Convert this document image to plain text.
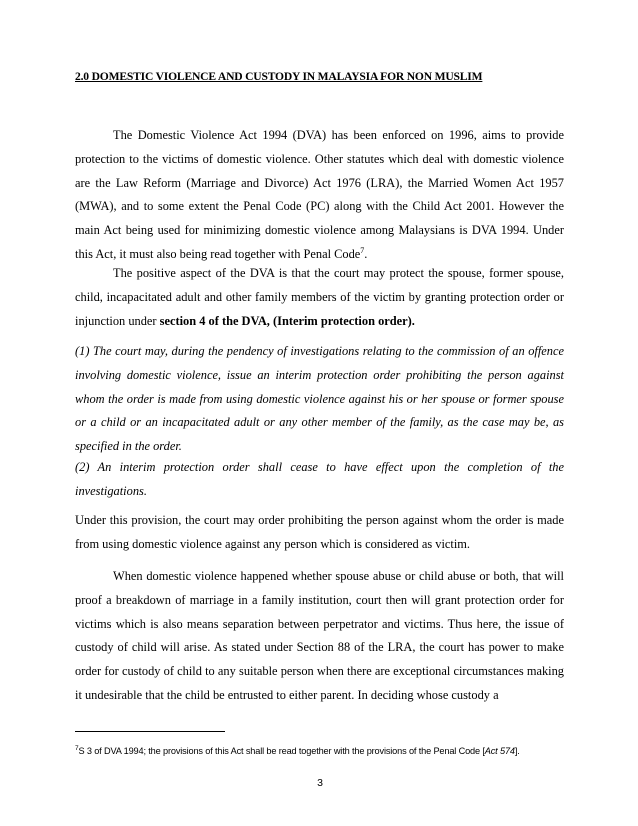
2.0 DOMESTIC VIOLENCE AND CUSTODY IN MALAYSIA FOR NON MUSLIM
The Domestic Violence Act 1994 (DVA) has been enforced on 1996, aims to provide protection to the victims of domestic violence. Other statutes which deal with domestic violence are the Law Reform (Marriage and Divorce) Act 1976 (LRA), the Married Women Act 1957 (MWA), and to some extent the Penal Code (PC) along with the Child Act 2001. However the main Act being used for minimizing domestic violence among Malaysians is DVA 1994. Under this Act, it must also being read together with Penal Code$^7$.
The positive aspect of the DVA is that the court may protect the spouse, former spouse, child, incapacitated adult and other family members of the victim by granting protection order or injunction under section 4 of the DVA, (Interim protection order).
(1) The court may, during the pendency of investigations relating to the commission of an offence involving domestic violence, issue an interim protection order prohibiting the person against whom the order is made from using domestic violence against his or her spouse or former spouse or a child or an incapacitated adult or any other member of the family, as the case may be, as specified in the order.
(2) An interim protection order shall cease to have effect upon the completion of the investigations.
Under this provision, the court may order prohibiting the person against whom the order is made from using domestic violence against any person which is considered as victim.
When domestic violence happened whether spouse abuse or child abuse or both, that will proof a breakdown of marriage in a family institution, court then will grant protection order for victims which is also means separation between perpetrator and victims. Thus here, the issue of custody of child will arise. As stated under Section 88 of the LRA, the court has power to make order for custody of child to any suitable person when there are exceptional circumstances making it undesirable that the child be entrusted to either parent. In deciding whose custody a
$^7$S 3 of DVA 1994; the provisions of this Act shall be read together with the provisions of the Penal Code [Act 574].
3
